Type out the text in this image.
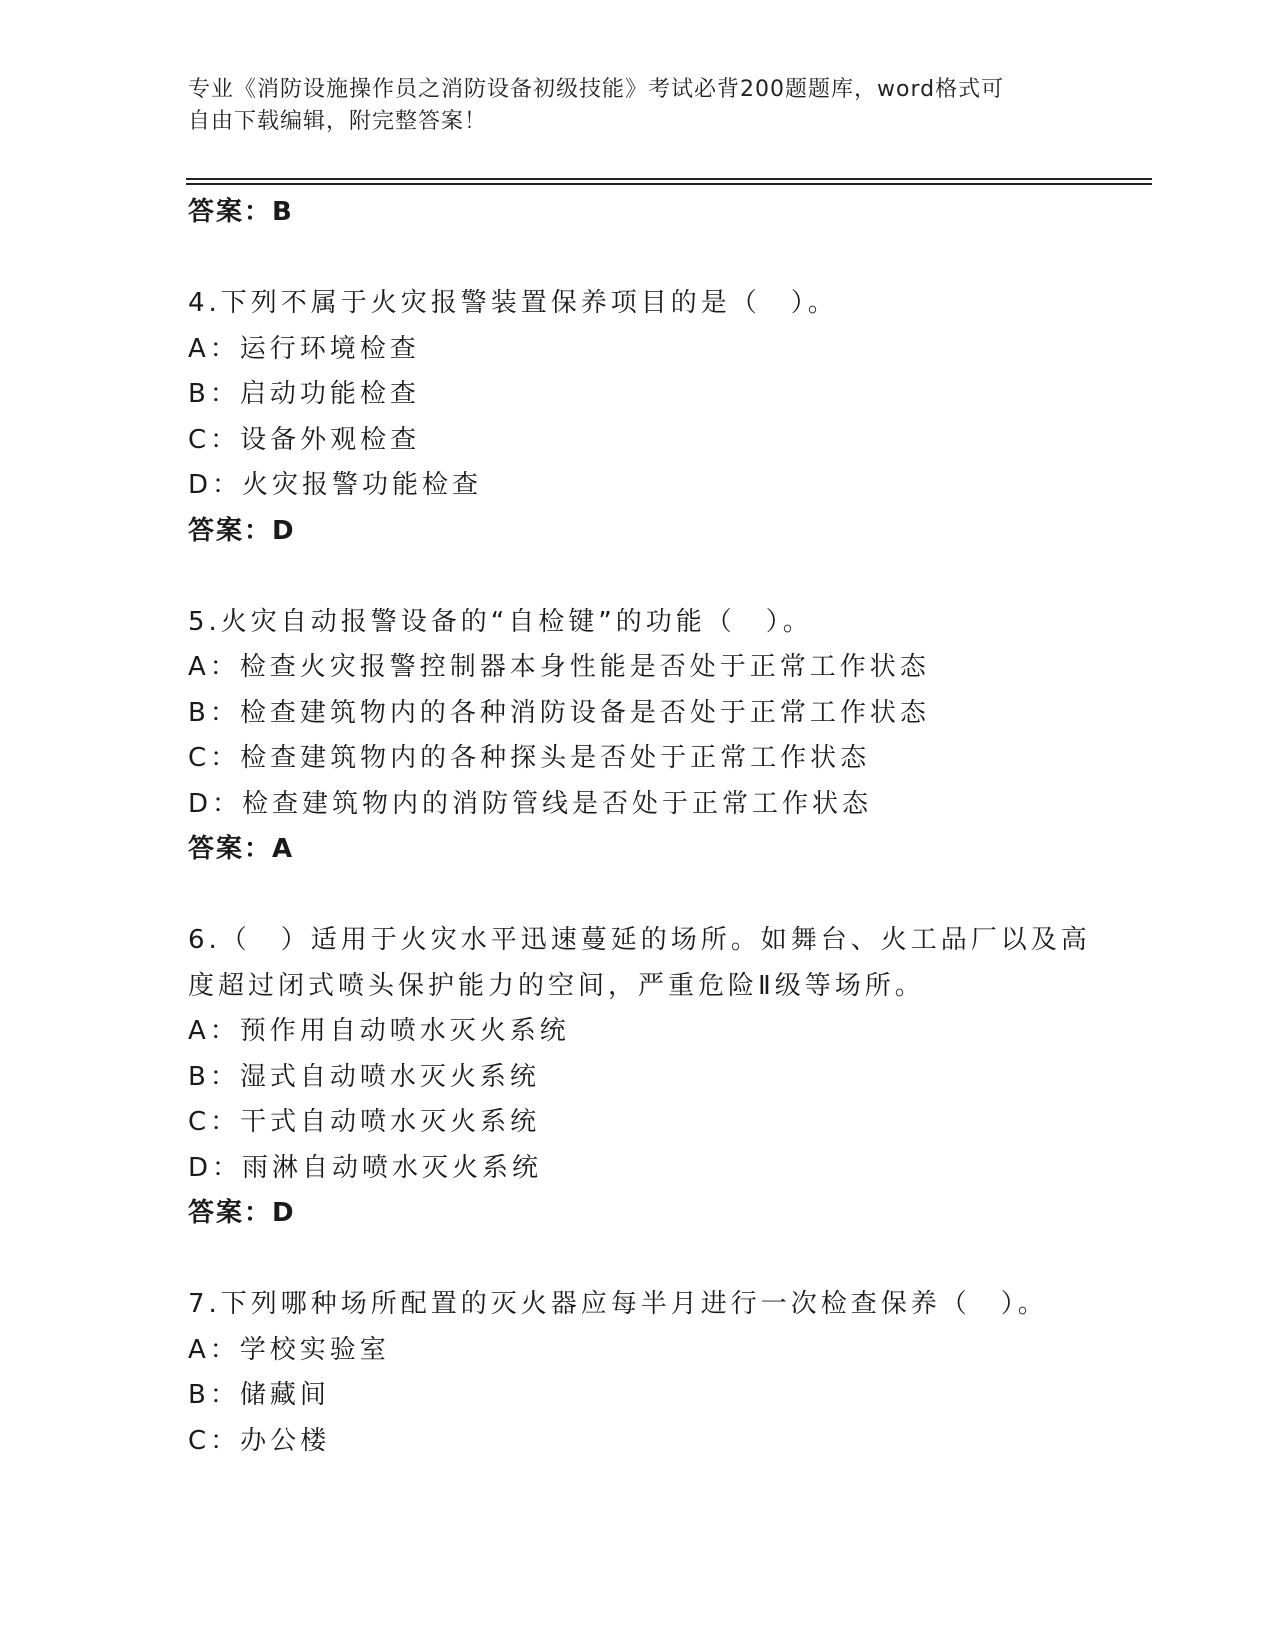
专业《消防设施操作员之消防设备初级技能》考试必背200题题库，word格式可
自由下载编辑，附完整答案！
答案：B
4.下列不属于火灾报警装置保养项目的是（　）。
A：运行环境检查
B：启动功能检查
C：设备外观检查
D：火灾报警功能检查
答案：D
5.火灾自动报警设备的“自检键”的功能（　）。
A：检查火灾报警控制器本身性能是否处于正常工作状态
B：检查建筑物内的各种消防设备是否处于正常工作状态
C：检查建筑物内的各种探头是否处于正常工作状态
D：检查建筑物内的消防管线是否处于正常工作状态
答案：A
6.（　）适用于火灾水平迅速蔓延的场所。如舞台、火工品厂以及高
度超过闭式喷头保护能力的空间，严重危险Ⅱ级等场所。
A：预作用自动喷水灭火系统
B：湿式自动喷水灭火系统
C：干式自动喷水灭火系统
D：雨淋自动喷水灭火系统
答案：D
7.下列哪种场所配置的灭火器应每半月进行一次检查保养（　）。
A：学校实验室
B：储藏间
C：办公楼
